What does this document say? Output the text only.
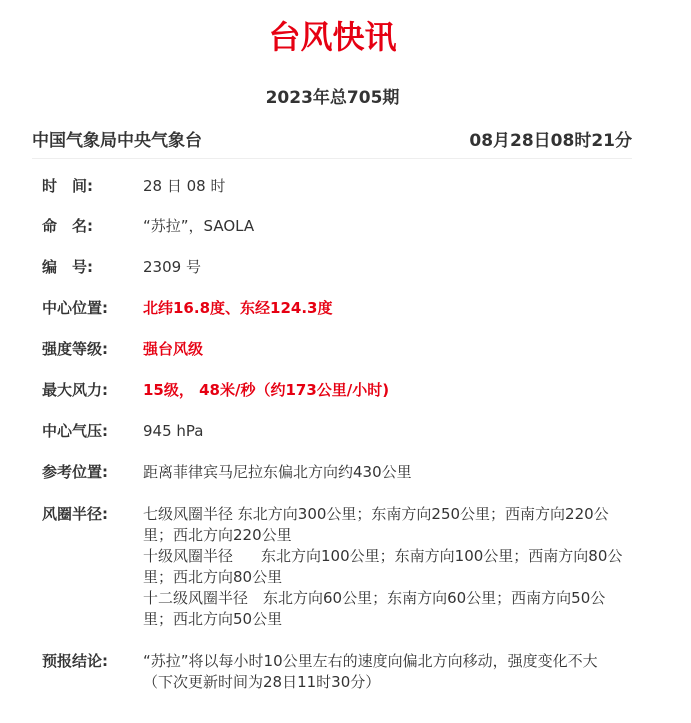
台风快讯
2023年总705期
中国气象局中央气象台	08月28日08时21分
时　间:	28 日 08 时
命　名:	“苏拉”，SAOLA
编　号:	2309 号
中心位置:	北纬16.8度、东经124.3度
强度等级:	强台风级
最大风力:	15级， 48米/秒（约173公里/小时)
中心气压:	945 hPa
参考位置:	距离菲律宾马尼拉东偏北方向约430公里
风圈半径:	七级风圈半径 东北方向300公里；东南方向250公里；西南方向220公里；西北方向220公里
十级风圈半径 东北方向100公里；东南方向100公里；西南方向80公里；西北方向80公里
十二级风圈半径　东北方向60公里；东南方向60公里；西南方向50公里；西北方向50公里
预报结论:	“苏拉”将以每小时10公里左右的速度向偏北方向移动，强度变化不大
（下次更新时间为28日11时30分）
